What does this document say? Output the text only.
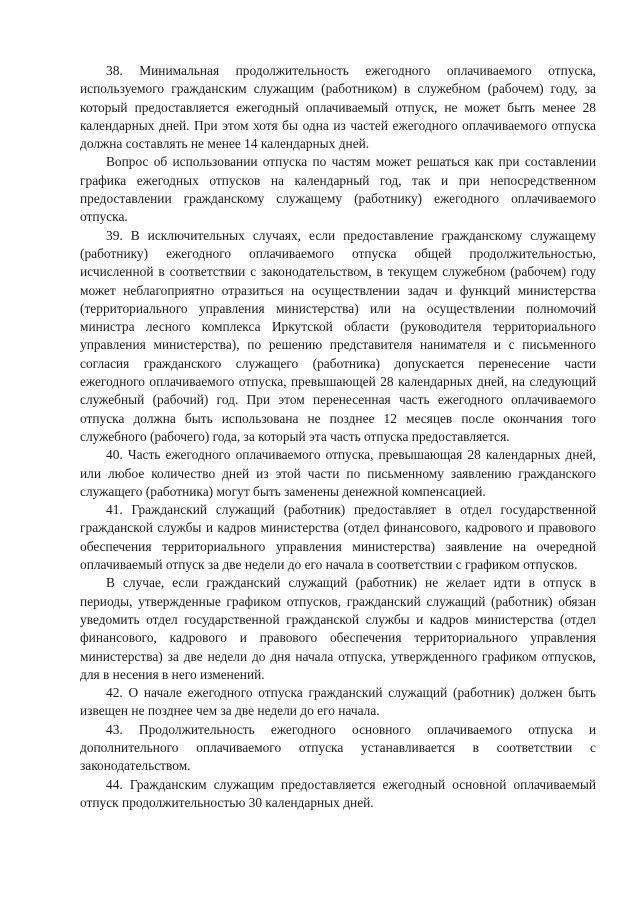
38. Минимальная продолжительность ежегодного оплачиваемого отпуска, используемого гражданским служащим (работником) в служебном (рабочем) году, за который предоставляется ежегодный оплачиваемый отпуск, не может быть менее 28 календарных дней. При этом хотя бы одна из частей ежегодного оплачиваемого отпуска должна составлять не менее 14 календарных дней.

Вопрос об использовании отпуска по частям может решаться как при составлении графика ежегодных отпусков на календарный год, так и при непосредственном предоставлении гражданскому служащему (работнику) ежегодного оплачиваемого отпуска.

39. В исключительных случаях, если предоставление гражданскому служащему (работнику) ежегодного оплачиваемого отпуска общей продолжительностью, исчисленной в соответствии с законодательством, в текущем служебном (рабочем) году может неблагоприятно отразиться на осуществлении задач и функций министерства (территориального управления министерства) или на осуществлении полномочий министра лесного комплекса Иркутской области (руководителя территориального управления министерства), по решению представителя нанимателя и с письменного согласия гражданского служащего (работника) допускается перенесение части ежегодного оплачиваемого отпуска, превышающей 28 календарных дней, на следующий служебный (рабочий) год. При этом перенесенная часть ежегодного оплачиваемого отпуска должна быть использована не позднее 12 месяцев после окончания того служебного (рабочего) года, за который эта часть отпуска предоставляется.

40. Часть ежегодного оплачиваемого отпуска, превышающая 28 календарных дней, или любое количество дней из этой части по письменному заявлению гражданского служащего (работника) могут быть заменены денежной компенсацией.

41. Гражданский служащий (работник) предоставляет в отдел государственной гражданской службы и кадров министерства (отдел финансового, кадрового и правового обеспечения территориального управления министерства) заявление на очередной оплачиваемый отпуск за две недели до его начала в соответствии с графиком отпусков.

В случае, если гражданский служащий (работник) не желает идти в отпуск в периоды, утвержденные графиком отпусков, гражданский служащий (работник) обязан уведомить отдел государственной гражданской службы и кадров министерства (отдел финансового, кадрового и правового обеспечения территориального управления министерства) за две недели до дня начала отпуска, утвержденного графиком отпусков, для в несения в него изменений.

42. О начале ежегодного отпуска гражданский служащий (работник) должен быть извещен не позднее чем за две недели до его начала.

43. Продолжительность ежегодного основного оплачиваемого отпуска и дополнительного оплачиваемого отпуска устанавливается в соответствии с законодательством.

44. Гражданским служащим предоставляется ежегодный основной оплачиваемый отпуск продолжительностью 30 календарных дней.
